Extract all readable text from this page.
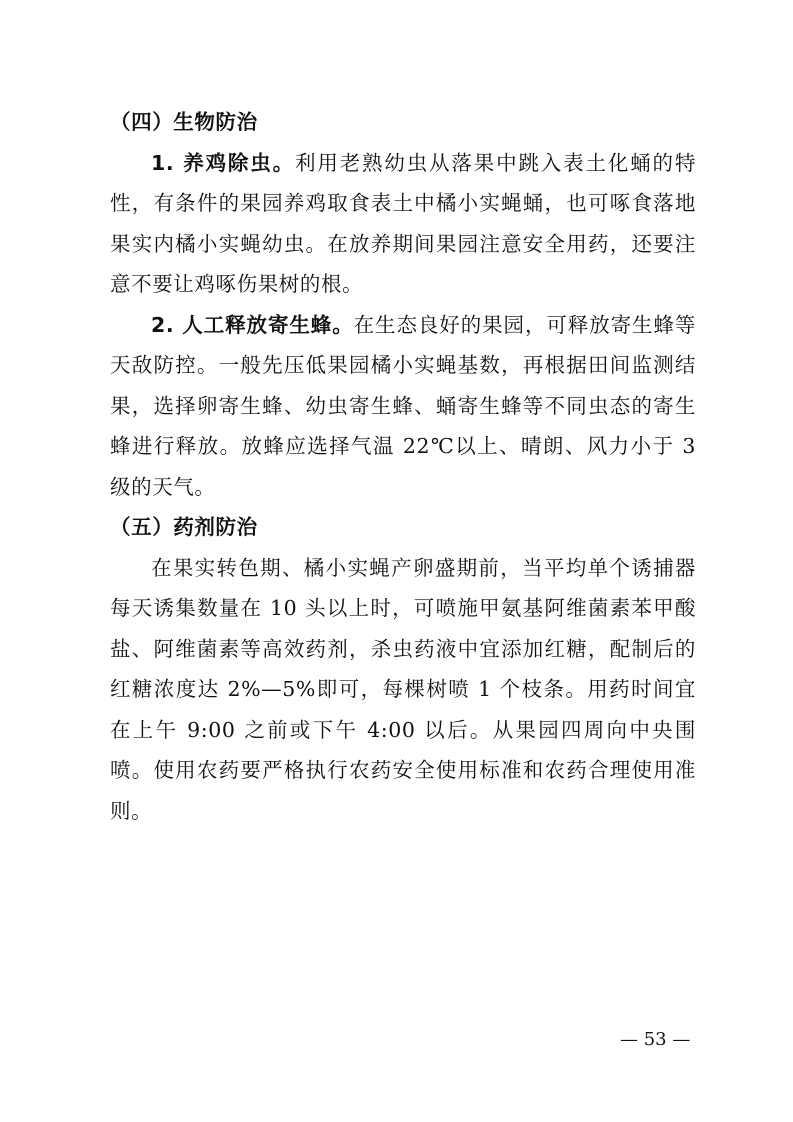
（四）生物防治

1. 养鸡除虫。利用老熟幼虫从落果中跳入表土化蛹的特性，有条件的果园养鸡取食表土中橘小实蝇蛹，也可啄食落地果实内橘小实蝇幼虫。在放养期间果园注意安全用药，还要注意不要让鸡啄伤果树的根。

2. 人工释放寄生蜂。在生态良好的果园，可释放寄生蜂等天敌防控。一般先压低果园橘小实蝇基数，再根据田间监测结果，选择卵寄生蜂、幼虫寄生蜂、蛹寄生蜂等不同虫态的寄生蜂进行释放。放蜂应选择气温 22℃以上、晴朗、风力小于 3 级的天气。

（五）药剂防治

在果实转色期、橘小实蝇产卵盛期前，当平均单个诱捕器每天诱集数量在 10 头以上时，可喷施甲氨基阿维菌素苯甲酸盐、阿维菌素等高效药剂，杀虫药液中宜添加红糖，配制后的红糖浓度达 2%—5%即可，每棵树喷 1 个枝条。用药时间宜在上午 9:00 之前或下午 4:00 以后。从果园四周向中央围喷。使用农药要严格执行农药安全使用标准和农药合理使用准则。

— 53 —
